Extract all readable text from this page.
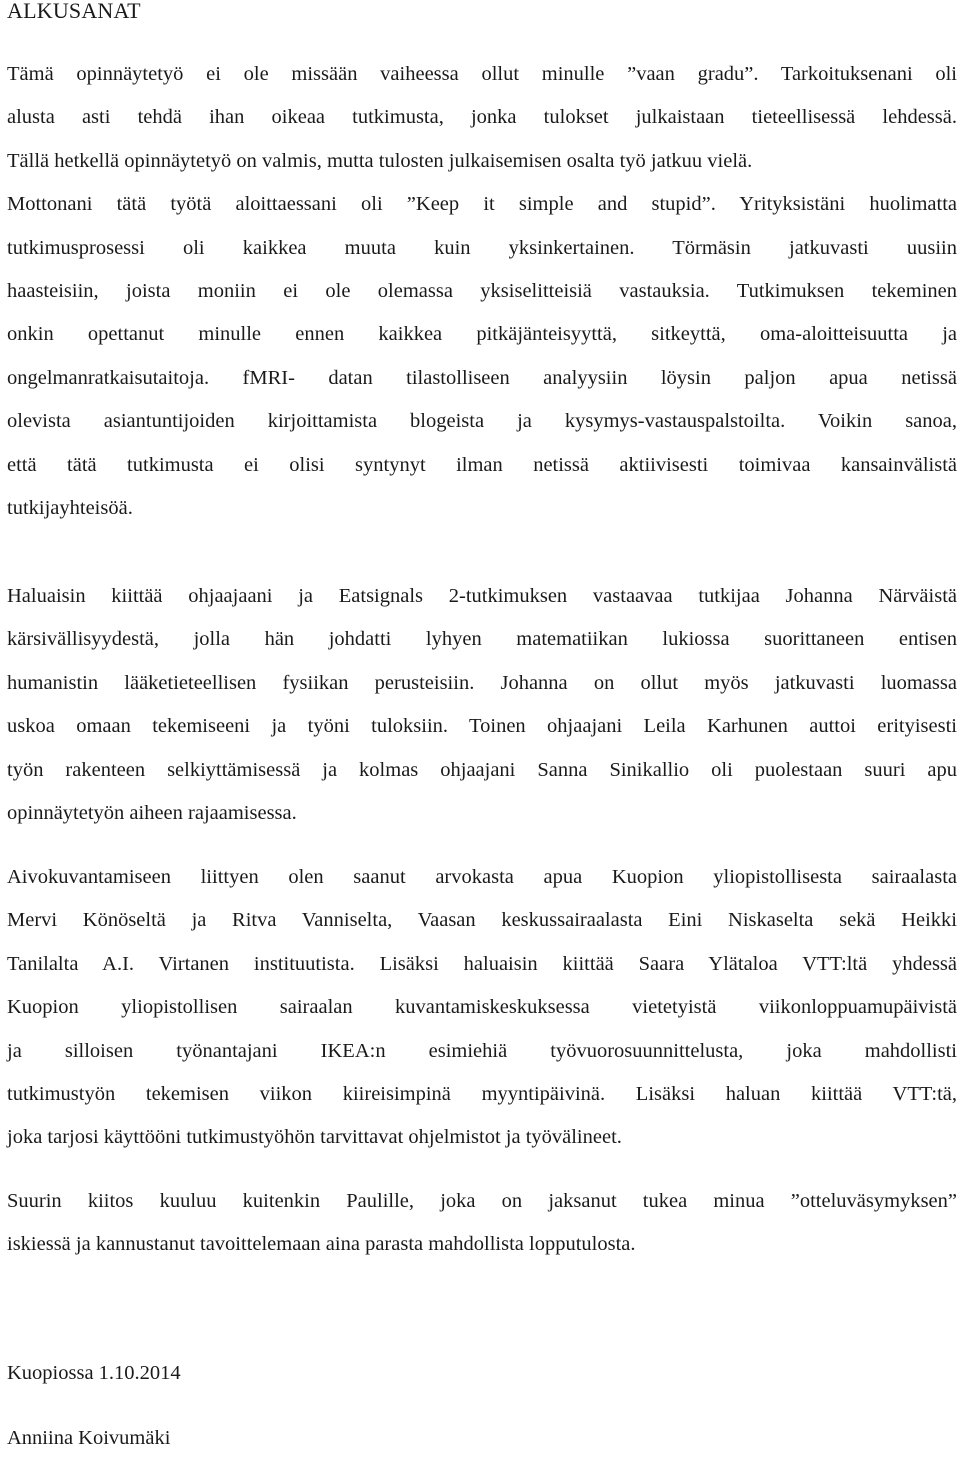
ALKUSANAT
Tämä opinnäytetyö ei ole missään vaiheessa ollut minulle ”vaan gradu”. Tarkoituksenani oli
alusta asti tehdä ihan oikeaa tutkimusta, jonka tulokset julkaistaan tieteellisessä lehdessä.
Tällä hetkellä opinnäytetyö on valmis, mutta tulosten julkaisemisen osalta työ jatkuu vielä.
Mottonani tätä työtä aloittaessani oli ”Keep it simple and stupid”. Yrityksistäni huolimatta
tutkimusprosessi oli kaikkea muuta kuin yksinkertainen. Törmäsin jatkuvasti uusiin
haasteisiin, joista moniin ei ole olemassa yksiselitteisiä vastauksia. Tutkimuksen tekeminen
onkin opettanut minulle ennen kaikkea pitkäjänteisyyttä, sitkeyttä, oma-aloitteisuutta ja
ongelmanratkaisutaitoja. fMRI- datan tilastolliseen analyysiin löysin paljon apua netissä
olevista asiantuntijoiden kirjoittamista blogeista ja kysymys-vastauspalstoilta. Voikin sanoa,
että tätä tutkimusta ei olisi syntynyt ilman netissä aktiivisesti toimivaa kansainvälistä
tutkijayhteisöä.
Haluaisin kiittää ohjaajaani ja Eatsignals 2-tutkimuksen vastaavaa tutkijaa Johanna Närväistä
kärsivällisyydestä, jolla hän johdatti lyhyen matematiikan lukiossa suorittaneen entisen
humanistin lääketieteellisen fysiikan perusteisiin. Johanna on ollut myös jatkuvasti luomassa
uskoa omaan tekemiseeni ja työni tuloksiin. Toinen ohjaajani Leila Karhunen auttoi erityisesti
työn rakenteen selkiyttämisessä ja kolmas ohjaajani Sanna Sinikallio oli puolestaan suuri apu
opinnäytetyön aiheen rajaamisessa.
Aivokuvantamiseen liittyen olen saanut arvokasta apua Kuopion yliopistollisesta sairaalasta
Mervi Könöseltä ja Ritva Vanniselta, Vaasan keskussairaalasta Eini Niskaselta sekä Heikki
Tanilalta A.I. Virtanen instituutista. Lisäksi haluaisin kiittää Saara Ylätaloa VTT:ltä yhdessä
Kuopion yliopistollisen sairaalan kuvantamiskeskuksessa vietetyistä viikonloppuamupäivistä
ja silloisen työnantajani IKEA:n esimiehiä työvuorosuunnittelusta, joka mahdollisti
tutkimustyön tekemisen viikon kiireisimpinä myyntipäivinä. Lisäksi haluan kiittää VTT:tä,
joka tarjosi käyttööni tutkimustyöhön tarvittavat ohjelmistot ja työvälineet.
Suurin kiitos kuuluu kuitenkin Paulille, joka on jaksanut tukea minua ”otteluväsymyksen”
iskiessä ja kannustanut tavoittelemaan aina parasta mahdollista lopputulosta.

Kuopiossa 1.10.2014

Anniina Koivumäki
